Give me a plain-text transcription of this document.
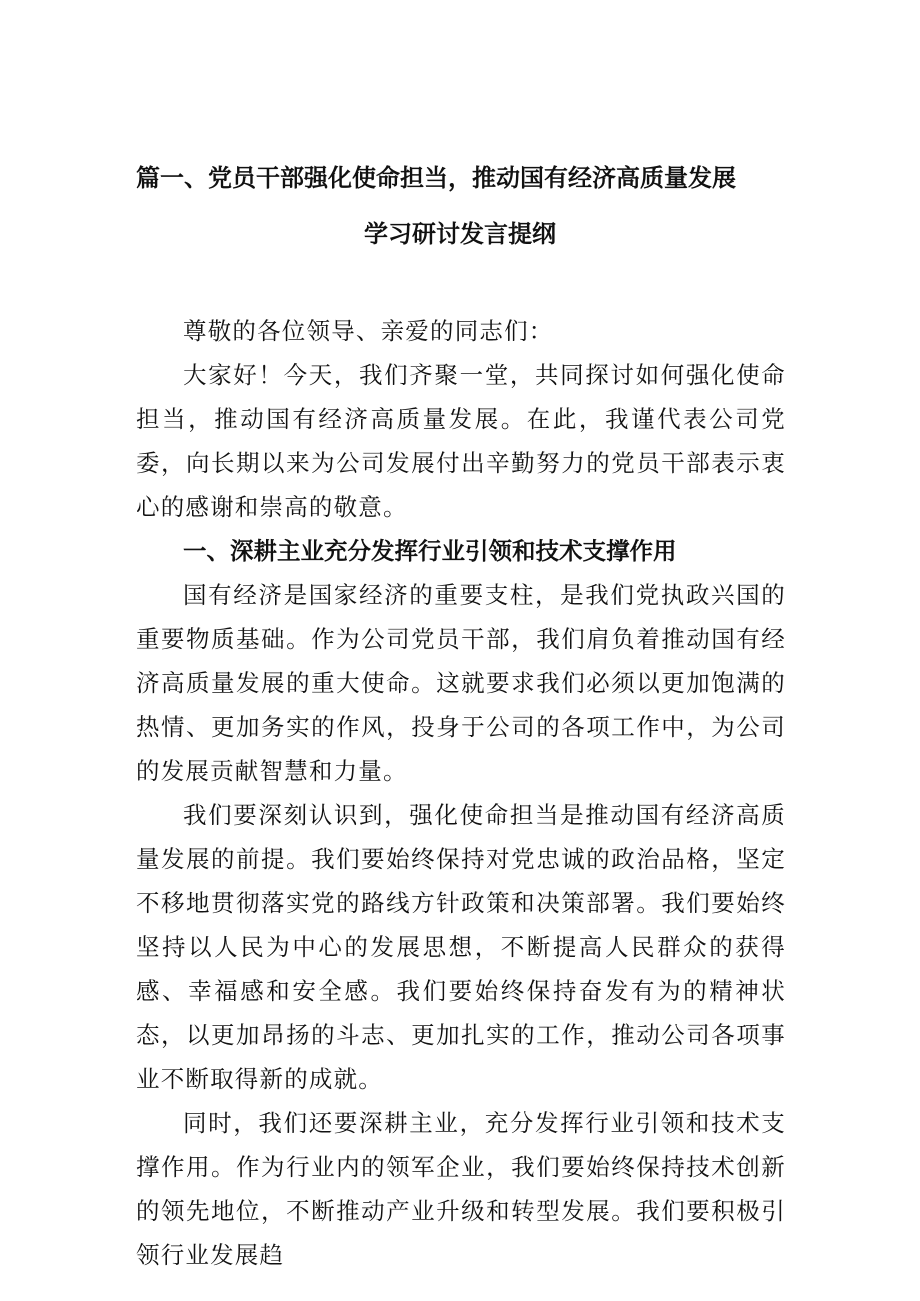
篇一、党员干部强化使命担当，推动国有经济高质量发展
学习研讨发言提纲

尊敬的各位领导、亲爱的同志们：

大家好！今天，我们齐聚一堂，共同探讨如何强化使命担当，推动国有经济高质量发展。在此，我谨代表公司党委，向长期以来为公司发展付出辛勤努力的党员干部表示衷心的感谢和崇高的敬意。

一、深耕主业充分发挥行业引领和技术支撑作用

国有经济是国家经济的重要支柱，是我们党执政兴国的重要物质基础。作为公司党员干部，我们肩负着推动国有经济高质量发展的重大使命。这就要求我们必须以更加饱满的热情、更加务实的作风，投身于公司的各项工作中，为公司的发展贡献智慧和力量。

我们要深刻认识到，强化使命担当是推动国有经济高质量发展的前提。我们要始终保持对党忠诚的政治品格，坚定不移地贯彻落实党的路线方针政策和决策部署。我们要始终坚持以人民为中心的发展思想，不断提高人民群众的获得感、幸福感和安全感。我们要始终保持奋发有为的精神状态，以更加昂扬的斗志、更加扎实的工作，推动公司各项事业不断取得新的成就。

同时，我们还要深耕主业，充分发挥行业引领和技术支撑作用。作为行业内的领军企业，我们要始终保持技术创新的领先地位，不断推动产业升级和转型发展。我们要积极引领行业发展趋
